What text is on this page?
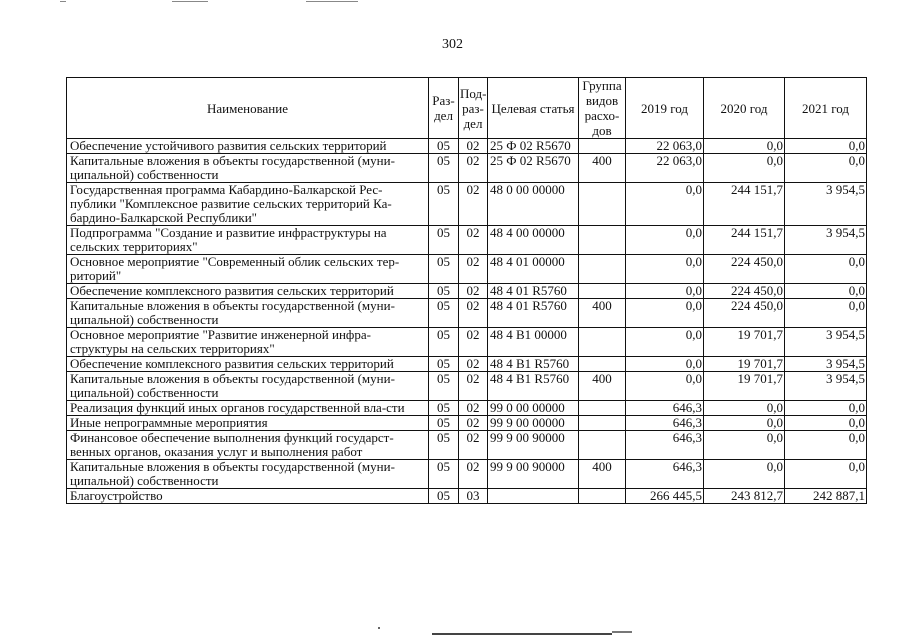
302
Наименование	Раз-дел	Под-раз-дел	Целевая статья	Группа видов расхо-дов	2019 год	2020 год	2021 год
Обеспечение устойчивого развития сельских территорий	05	02	25 Ф 02 R5670		22 063,0	0,0	0,0
Капитальные вложения в объекты государственной (муни-ципальной) собственности	05	02	25 Ф 02 R5670	400	22 063,0	0,0	0,0
Государственная программа Кабардино-Балкарской Рес-публики "Комплексное развитие сельских территорий Ка-бардино-Балкарской Республики"	05	02	48 0 00 00000		0,0	244 151,7	3 954,5
Подпрограмма "Создание и развитие инфраструктуры на сельских территориях"	05	02	48 4 00 00000		0,0	244 151,7	3 954,5
Основное мероприятие "Современный облик сельских тер-риторий"	05	02	48 4 01 00000		0,0	224 450,0	0,0
Обеспечение комплексного развития сельских территорий	05	02	48 4 01 R5760		0,0	224 450,0	0,0
Капитальные вложения в объекты государственной (муни-ципальной) собственности	05	02	48 4 01 R5760	400	0,0	224 450,0	0,0
Основное мероприятие "Развитие инженерной инфра-структуры на сельских территориях"	05	02	48 4 В1 00000		0,0	19 701,7	3 954,5
Обеспечение комплексного развития сельских территорий	05	02	48 4 В1 R5760		0,0	19 701,7	3 954,5
Капитальные вложения в объекты государственной (муни-ципальной) собственности	05	02	48 4 В1 R5760	400	0,0	19 701,7	3 954,5
Реализация функций иных органов государственной вла-сти	05	02	99 0 00 00000		646,3	0,0	0,0
Иные непрограммные мероприятия	05	02	99 9 00 00000		646,3	0,0	0,0
Финансовое обеспечение выполнения функций государст-венных органов, оказания услуг и выполнения работ	05	02	99 9 00 90000		646,3	0,0	0,0
Капитальные вложения в объекты государственной (муни-ципальной) собственности	05	02	99 9 00 90000	400	646,3	0,0	0,0
Благоустройство	05	03			266 445,5	243 812,7	242 887,1
